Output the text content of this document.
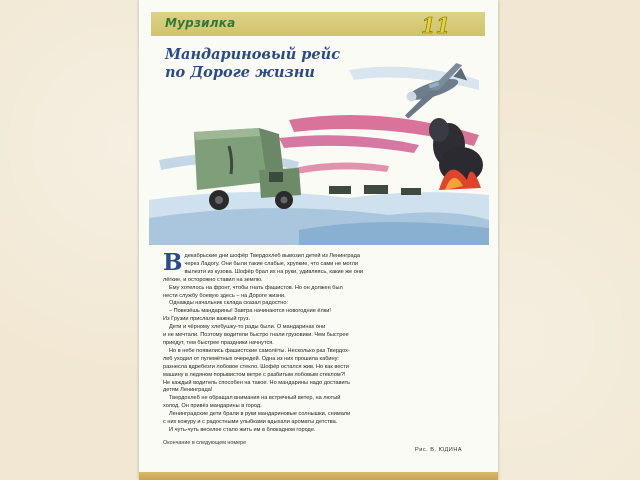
Мурзилка	11
Мандариновый рейс
по Дороге жизни
В декабрьские дни шофёр Твердохлеб вывозил детей из Ленинграда
через Ладогу. Они были такие слабые, хрупкие, что сами не могли
вылезти из кузова. Шофёр брал их на руки, удивляясь, какие же они
лёгкие, и осторожно ставил на землю.
Ему хотелось на фронт, чтобы гнать фашистов. Но он должен был
нести службу боевую здесь – на Дороге жизни.
Однажды начальник склада сказал радостно:
– Повезёшь мандарины! Завтра начинаются новогодние ёлки!
Из Грузии прислали важный груз.
Дети и чёрному хлебушку-то рады были. О мандаринах они
и не мечтали. Поэтому водители быстро гнали грузовики. Чем быстрее
приедут, тем быстрее праздники начнутся.
Но в небе появились фашистские самолёты. Несколько раз Твердох-
леб уходил от пулемётных очередей. Одна из них прошила кабину:
разнесла вдребезги лобовое стекло. Шофёр остался жив. Но как вести
машину в ледяном порывистом ветре с разбитым лобовым стеклом?!
Не каждый водитель способен на такое. Но мандарины надо доставить
детям Ленинграда!
Твердохлеб не обращал внимания на встречный ветер, на лютый
холод. Он привёз мандарины в город.
Ленинградские дети брали в руки мандариновые солнышки, снимали
с них кожуру и с радостными улыбками вдыхали ароматы детства.
И чуть-чуть веселее стало жить им в блокадном городе.
Окончание в следующем номере
Рис. В. ЮДИНА
